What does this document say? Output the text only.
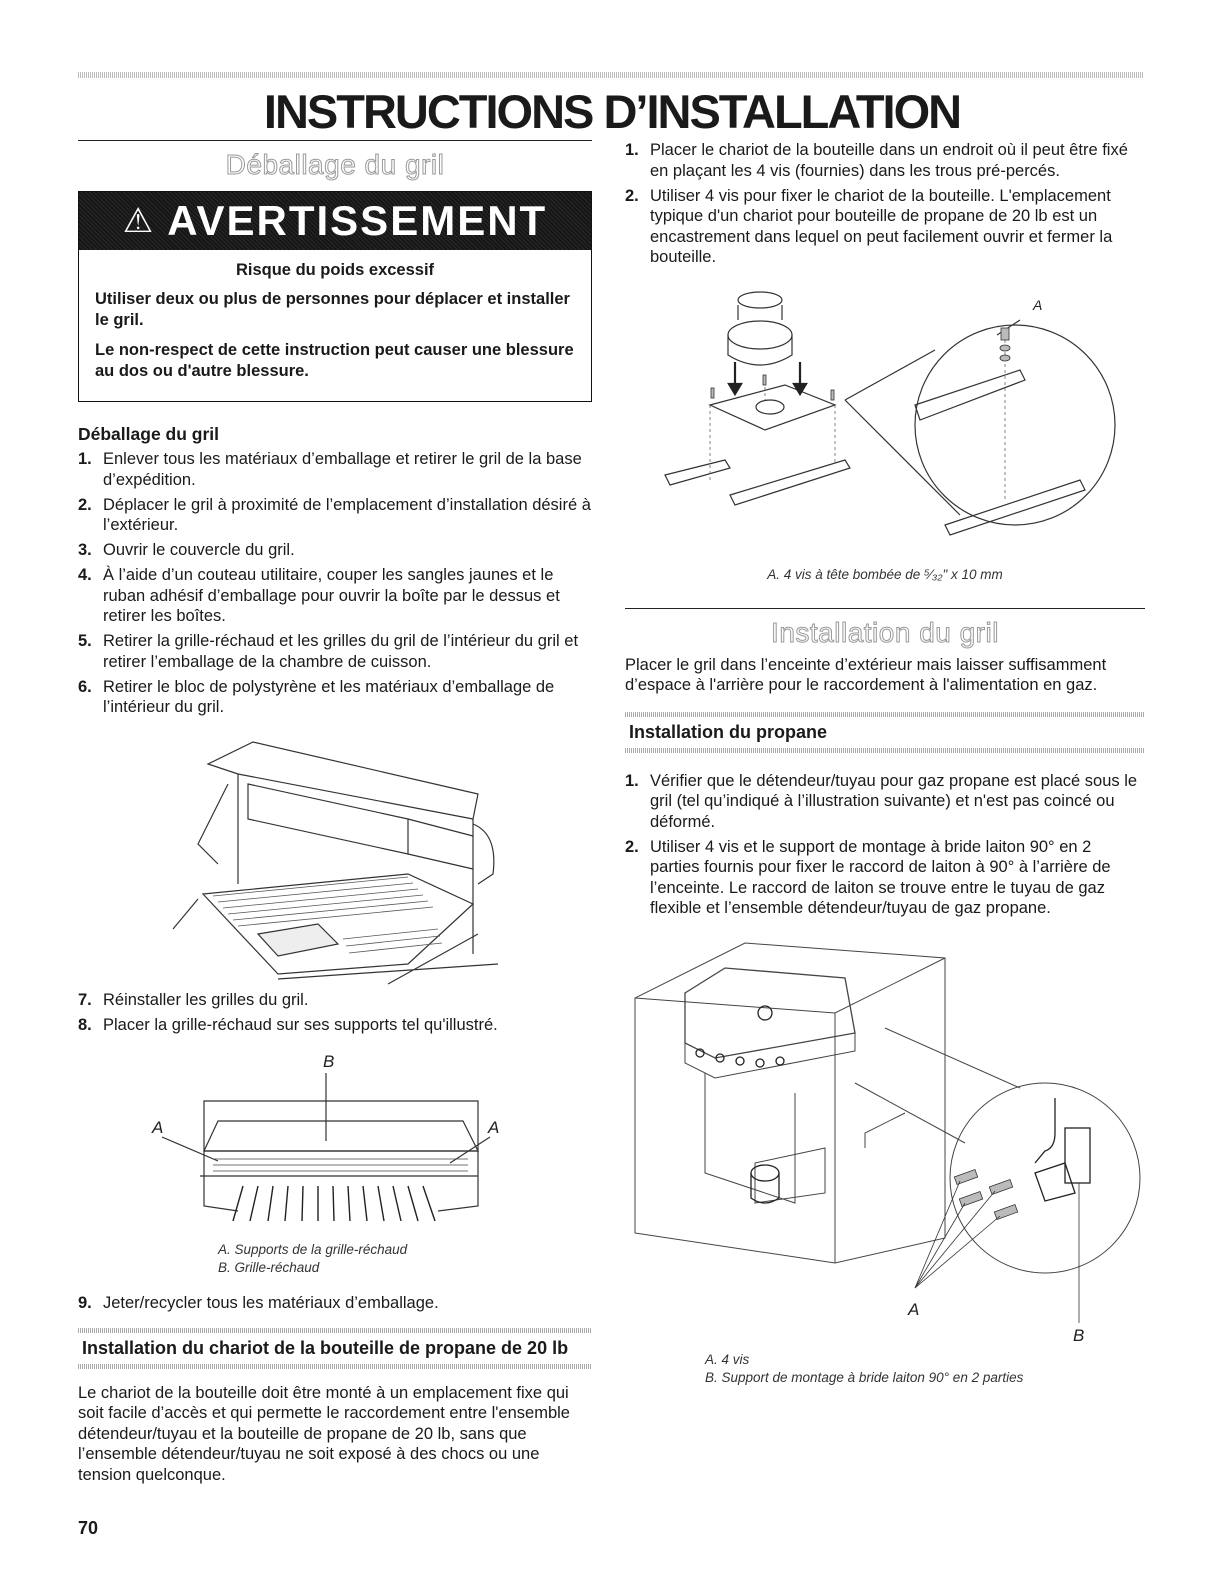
INSTRUCTIONS D’INSTALLATION
Déballage du gril
⚠ AVERTISSEMENT
Risque du poids excessif

Utiliser deux ou plus de personnes pour déplacer et installer le gril.

Le non-respect de cette instruction peut causer une blessure au dos ou d'autre blessure.

Déballage du gril
1. Enlever tous les matériaux d’emballage et retirer le gril de la base d’expédition.
2. Déplacer le gril à proximité de l’emplacement d’installation désiré à l’extérieur.
3. Ouvrir le couvercle du gril.
4. À l’aide d’un couteau utilitaire, couper les sangles jaunes et le ruban adhésif d’emballage pour ouvrir la boîte par le dessus et retirer les boîtes.
5. Retirer la grille-réchaud et les grilles du gril de l’intérieur du gril et retirer l’emballage de la chambre de cuisson.
6. Retirer le bloc de polystyrène et les matériaux d’emballage de l’intérieur du gril.
7. Réinstaller les grilles du gril.
8. Placer la grille-réchaud sur ses supports tel qu'illustré.
B
A	A
A. Supports de la grille-réchaud
B. Grille-réchaud
9. Jeter/recycler tous les matériaux d’emballage.
Installation du chariot de la bouteille de propane de 20 lb

Le chariot de la bouteille doit être monté à un emplacement fixe qui soit facile d’accès et qui permette le raccordement entre l'ensemble détendeur/tuyau et la bouteille de propane de 20 lb, sans que l’ensemble détendeur/tuyau ne soit exposé à des chocs ou une tension quelconque.

1. Placer le chariot de la bouteille dans un endroit où il peut être fixé en plaçant les 4 vis (fournies) dans les trous pré-percés.
2. Utiliser 4 vis pour fixer le chariot de la bouteille. L'emplacement typique d'un chariot pour bouteille de propane de 20 lb est un encastrement dans lequel on peut facilement ouvrir et fermer la bouteille.
A
A. 4 vis à tête bombée de ⁵⁄₃₂" x 10 mm
Installation du gril

Placer le gril dans l’enceinte d’extérieur mais laisser suffisamment d’espace à l'arrière pour le raccordement à l'alimentation en gaz.

Installation du propane
1. Vérifier que le détendeur/tuyau pour gaz propane est placé sous le gril (tel qu’indiqué à l’illustration suivante) et n'est pas coincé ou déformé.
2. Utiliser 4 vis et le support de montage à bride laiton 90° en 2 parties fournis pour fixer le raccord de laiton à 90° à l’arrière de l’enceinte. Le raccord de laiton se trouve entre le tuyau de gaz flexible et l’ensemble détendeur/tuyau de gaz propane.
A
B
A. 4 vis
B. Support de montage à bride laiton 90° en 2 parties
70
